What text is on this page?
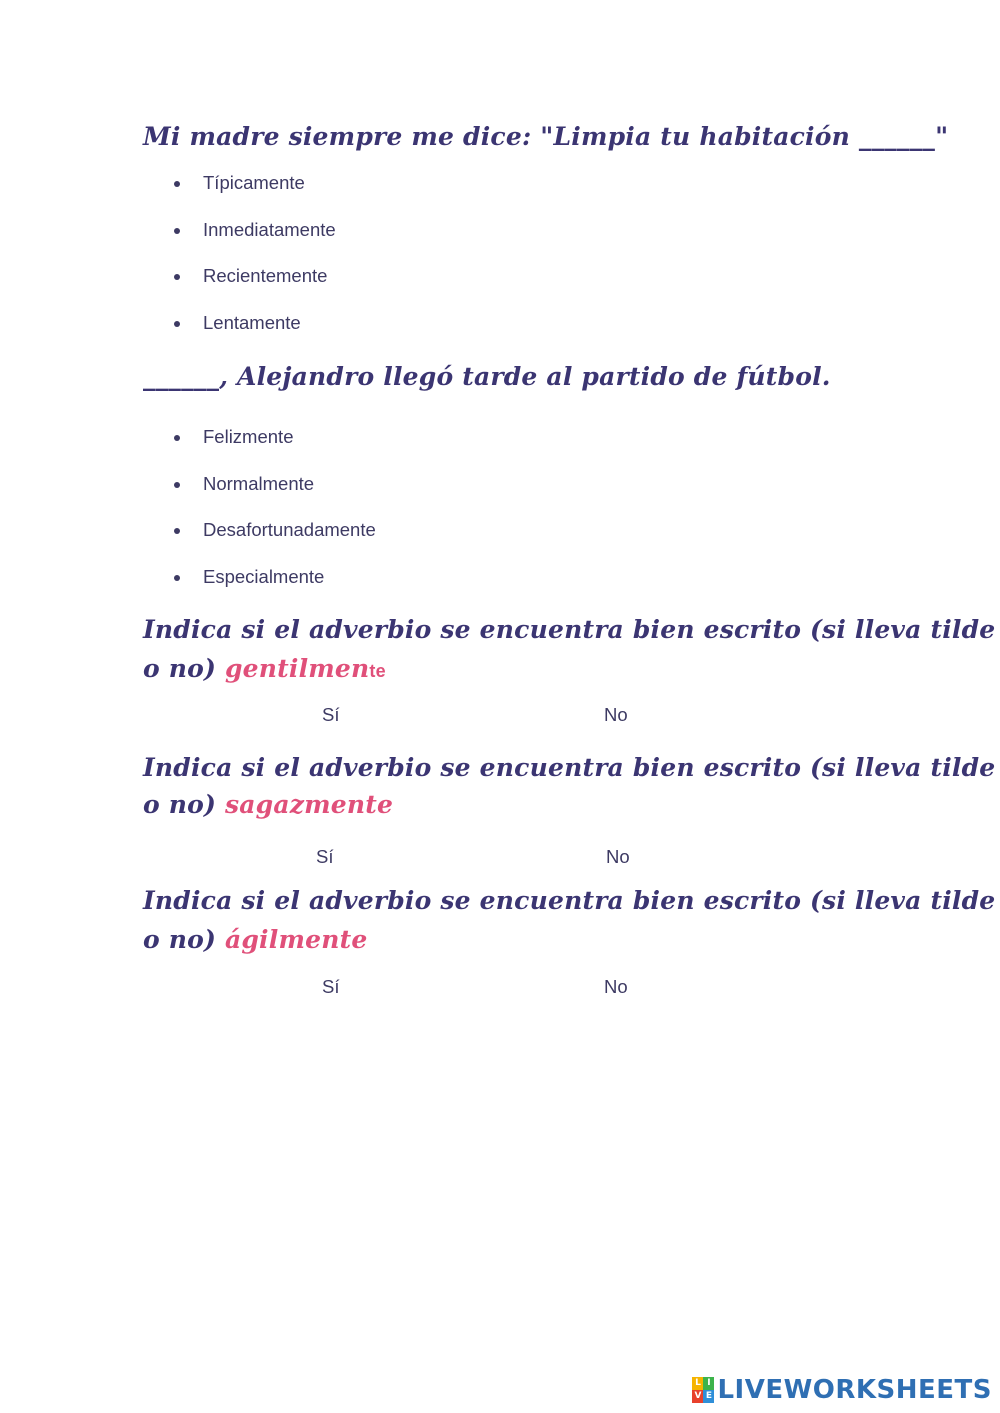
Mi madre siempre me dice: "Limpia tu habitación ______"
Típicamente
Inmediatamente
Recientemente
Lentamente
______, Alejandro llegó tarde al partido de fútbol.
Felizmente
Normalmente
Desafortunadamente
Especialmente
Indica si el adverbio se encuentra bien escrito (si lleva tilde
o no) gentilmente
Sí	No
Indica si el adverbio se encuentra bien escrito (si lleva tilde
o no) sagazmente
Sí	No
Indica si el adverbio se encuentra bien escrito (si lleva tilde
o no) ágilmente
Sí	No
L I
V E LIVEWORKSHEETS
